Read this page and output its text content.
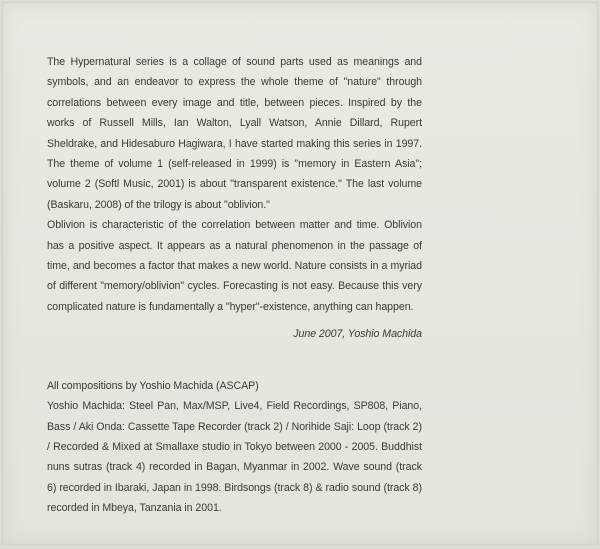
The Hypernatural series is a collage of sound parts used as meanings and symbols, and an endeavor to express the whole theme of "nature" through correlations between every image and title, between pieces. Inspired by the works of Russell Mills, Ian Walton, Lyall Watson, Annie Dillard, Rupert Sheldrake, and Hidesaburo Hagiwara, I have started making this series in 1997. The theme of volume 1 (self-released in 1999) is "memory in Eastern Asia"; volume 2 (Softl Music, 2001) is about "transparent existence." The last volume (Baskaru, 2008) of the trilogy is about "oblivion."

Oblivion is characteristic of the correlation between matter and time. Oblivion has a positive aspect. It appears as a natural phenomenon in the passage of time, and becomes a factor that makes a new world. Nature consists in a myriad of different "memory/oblivion" cycles. Forecasting is not easy. Because this very complicated nature is fundamentally a "hyper"-existence, anything can happen.

June 2007, Yoshio Machida

All compositions by Yoshio Machida (ASCAP)

Yoshio Machida: Steel Pan, Max/MSP, Live4, Field Recordings, SP808, Piano, Bass / Aki Onda: Cassette Tape Recorder (track 2) / Norihide Saji: Loop (track 2) / Recorded & Mixed at Smallaxe studio in Tokyo between 2000 - 2005. Buddhist nuns sutras (track 4) recorded in Bagan, Myanmar in 2002. Wave sound (track 6) recorded in Ibaraki, Japan in 1998. Birdsongs (track 8) & radio sound (track 8) recorded in Mbeya, Tanzania in 2001.
